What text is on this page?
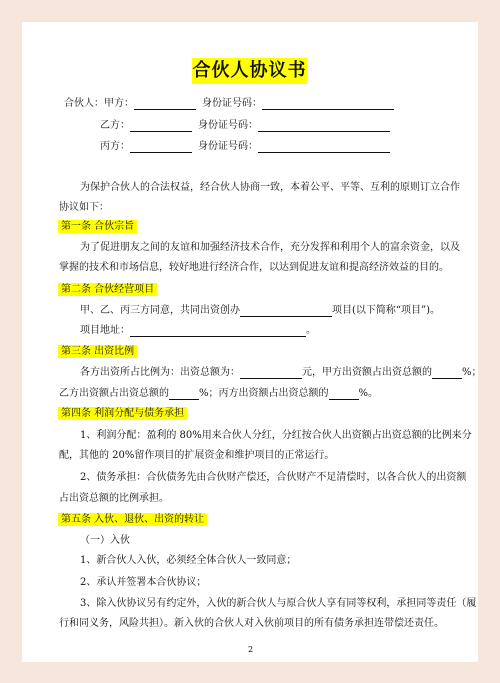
合伙人协议书
合伙人：甲方：	身份证号码：
乙方：	身份证号码：
丙方：	身份证号码：
为保护合伙人的合法权益，经合伙人协商一致，本着公平、平等、互利的原则订立合作
协议如下：
第一条 合伙宗旨
为了促进朋友之间的友谊和加强经济技术合作，充分发挥和利用个人的富余资金，以及
掌握的技术和市场信息，较好地进行经济合作，以达到促进友谊和提高经济效益的目的。
第二条 合伙经营项目
甲、乙、丙三方同意，共同出资创办	项目(以下简称“项目”)。
项目地址：	。
第三条 出资比例
各方出资所占比例为：出资总额为：	元，甲方出资额占出资总额的	%；
乙方出资额占出资总额的	%；丙方出资额占出资总额的	%。
第四条 利润分配与债务承担
1、利润分配：盈利的 80%用来合伙人分红，分红按合伙人出资额占出资总额的比例来分
配，其他的 20%留作项目的扩展资金和维护项目的正常运行。
2、债务承担：合伙债务先由合伙财产偿还，合伙财产不足清偿时，以各合伙人的出资额
占出资总额的比例承担。
第五条 入伙、退伙、出资的转让
（一）入伙
1、新合伙人入伙，必须经全体合伙人一致同意；
2、承认并签署本合伙协议；
3、除入伙协议另有约定外，入伙的新合伙人与原合伙人享有同等权利，承担同等责任（履
行和同义务，风险共担）。新入伙的合伙人对入伙前项目的所有债务承担连带偿还责任。
2
